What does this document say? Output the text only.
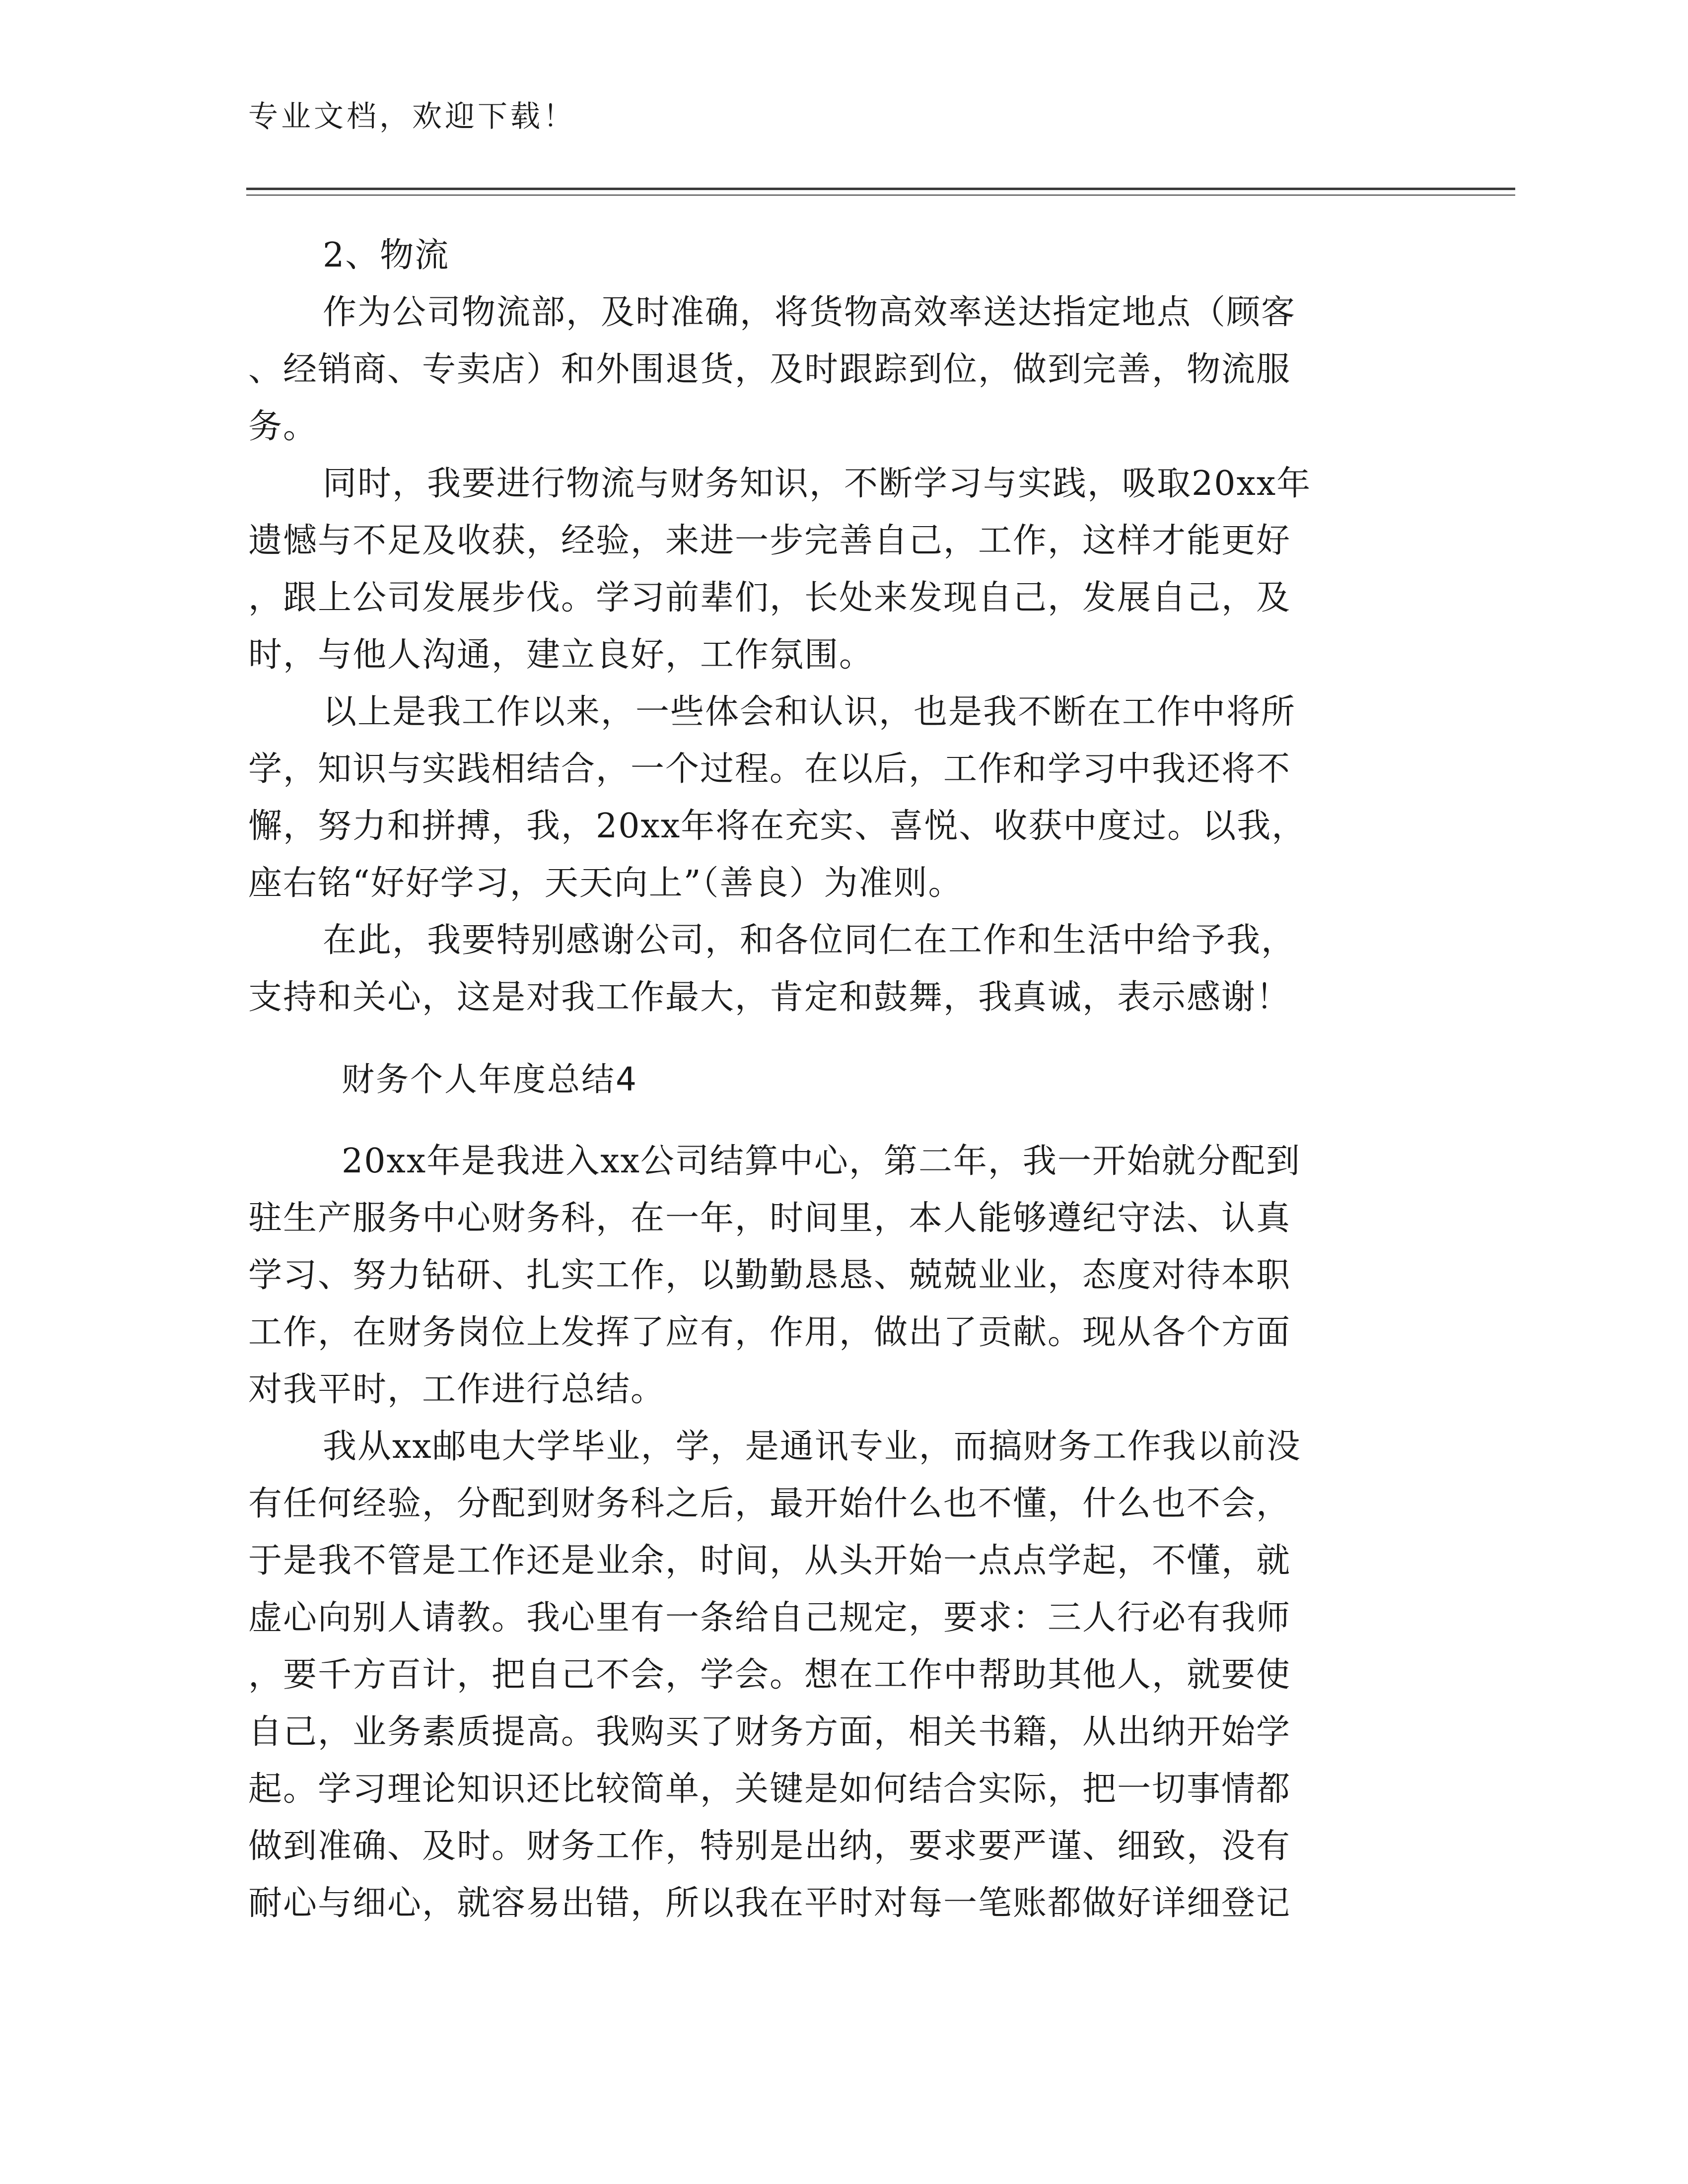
专业文档，欢迎下载！
2、物流
作为公司物流部，及时准确，将货物高效率送达指定地点（顾客
、经销商、专卖店）和外围退货，及时跟踪到位，做到完善，物流服
务。
同时，我要进行物流与财务知识，不断学习与实践，吸取20xx年
遗憾与不足及收获，经验，来进一步完善自己，工作，这样才能更好
，跟上公司发展步伐。学习前辈们，长处来发现自己，发展自己，及
时，与他人沟通，建立良好，工作氛围。
以上是我工作以来，一些体会和认识，也是我不断在工作中将所
学，知识与实践相结合，一个过程。在以后，工作和学习中我还将不
懈，努力和拼搏，我，20xx年将在充实、喜悦、收获中度过。以我，
座右铭“好好学习，天天向上”（善良）为准则。
在此，我要特别感谢公司，和各位同仁在工作和生活中给予我，
支持和关心，这是对我工作最大，肯定和鼓舞，我真诚，表示感谢！
财务个人年度总结4
20xx年是我进入xx公司结算中心，第二年，我一开始就分配到
驻生产服务中心财务科，在一年，时间里，本人能够遵纪守法、认真
学习、努力钻研、扎实工作，以勤勤恳恳、兢兢业业，态度对待本职
工作，在财务岗位上发挥了应有，作用，做出了贡献。现从各个方面
对我平时，工作进行总结。
我从xx邮电大学毕业，学，是通讯专业，而搞财务工作我以前没
有任何经验，分配到财务科之后，最开始什么也不懂，什么也不会，
于是我不管是工作还是业余，时间，从头开始一点点学起，不懂，就
虚心向别人请教。我心里有一条给自己规定，要求：三人行必有我师
，要千方百计，把自己不会，学会。想在工作中帮助其他人，就要使
自己，业务素质提高。我购买了财务方面，相关书籍，从出纳开始学
起。学习理论知识还比较简单，关键是如何结合实际，把一切事情都
做到准确、及时。财务工作，特别是出纳，要求要严谨、细致，没有
耐心与细心，就容易出错，所以我在平时对每一笔账都做好详细登记
